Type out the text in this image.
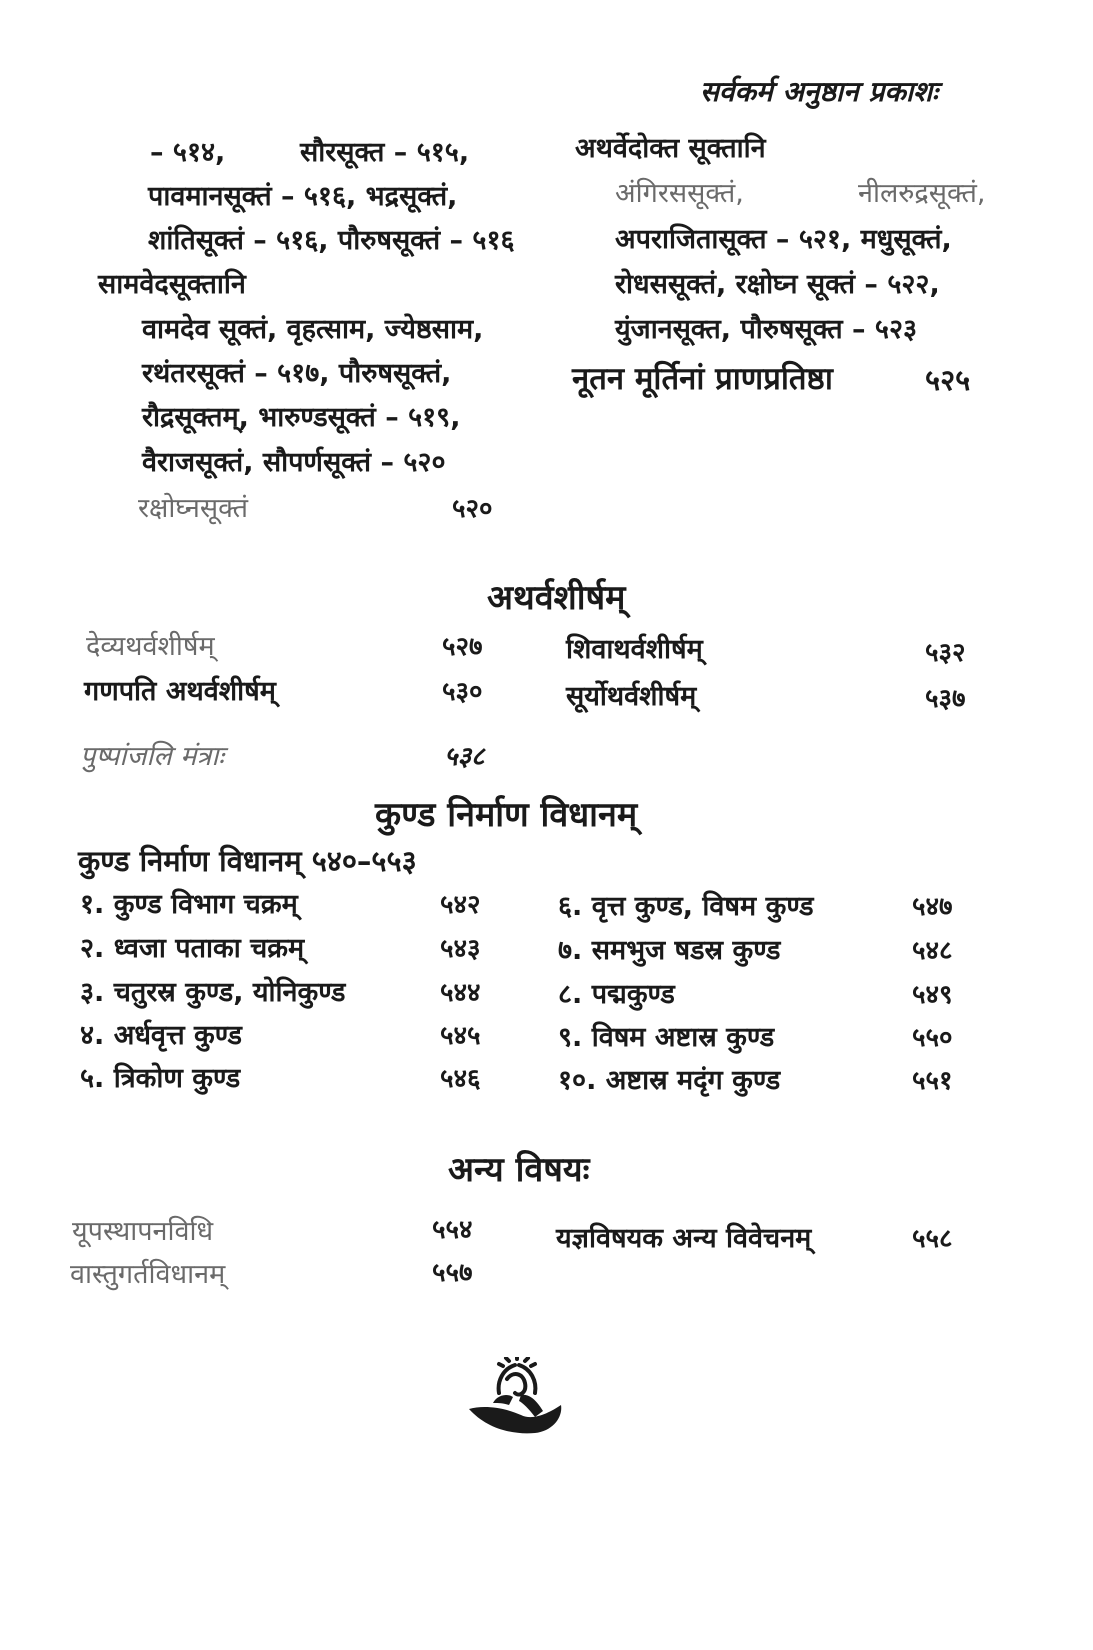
सर्वकर्म अनुष्ठान प्रकाशः
– ५१४,	सौरसूक्त – ५१५,
पावमानसूक्तं – ५१६, भद्रसूक्तं,
शांतिसूक्तं – ५१६, पौरुषसूक्तं – ५१६
सामवेदसूक्तानि
वामदेव सूक्तं, वृहत्साम, ज्येष्ठसाम,
रथंतरसूक्तं – ५१७, पौरुषसूक्तं,
रौद्रसूक्तम्, भारुण्डसूक्तं – ५१९,
वैराजसूक्तं, सौपर्णसूक्तं – ५२०
रक्षोघ्नसूक्तं	५२०
अथर्वेदोक्त सूक्तानि
अंगिरससूक्तं,	नीलरुद्रसूक्तं,
अपराजितासूक्त – ५२१, मधुसूक्तं,
रोधससूक्तं, रक्षोघ्न सूक्तं – ५२२,
युंजानसूक्त, पौरुषसूक्त – ५२३
नूतन मूर्तिनां प्राणप्रतिष्ठा	५२५
अथर्वशीर्षम्
देव्यथर्वशीर्षम्	५२७
गणपति अथर्वशीर्षम्	५३०
शिवाथर्वशीर्षम्	५३२
सूर्योथर्वशीर्षम्	५३७
पुष्पांजलि मंत्राः	५३८
कुण्ड निर्माण विधानम्
कुण्ड निर्माण विधानम् ५४०–५५३
१. कुण्ड विभाग चक्रम्	५४२
२. ध्वजा पताका चक्रम्	५४३
३. चतुरस्र कुण्ड, योनिकुण्ड	५४४
४. अर्धवृत्त कुण्ड	५४५
५. त्रिकोण कुण्ड	५४६
६. वृत्त कुण्ड, विषम कुण्ड	५४७
७. समभुज षडस्र कुण्ड	५४८
८. पद्मकुण्ड	५४९
९. विषम अष्टास्र कुण्ड	५५०
१०. अष्टास्र मदृंग कुण्ड	५५१
अन्य विषयः
यूपस्थापनविधि	५५४
वास्तुगर्तविधानम्	५५७
यज्ञविषयक अन्य विवेचनम्	५५८
